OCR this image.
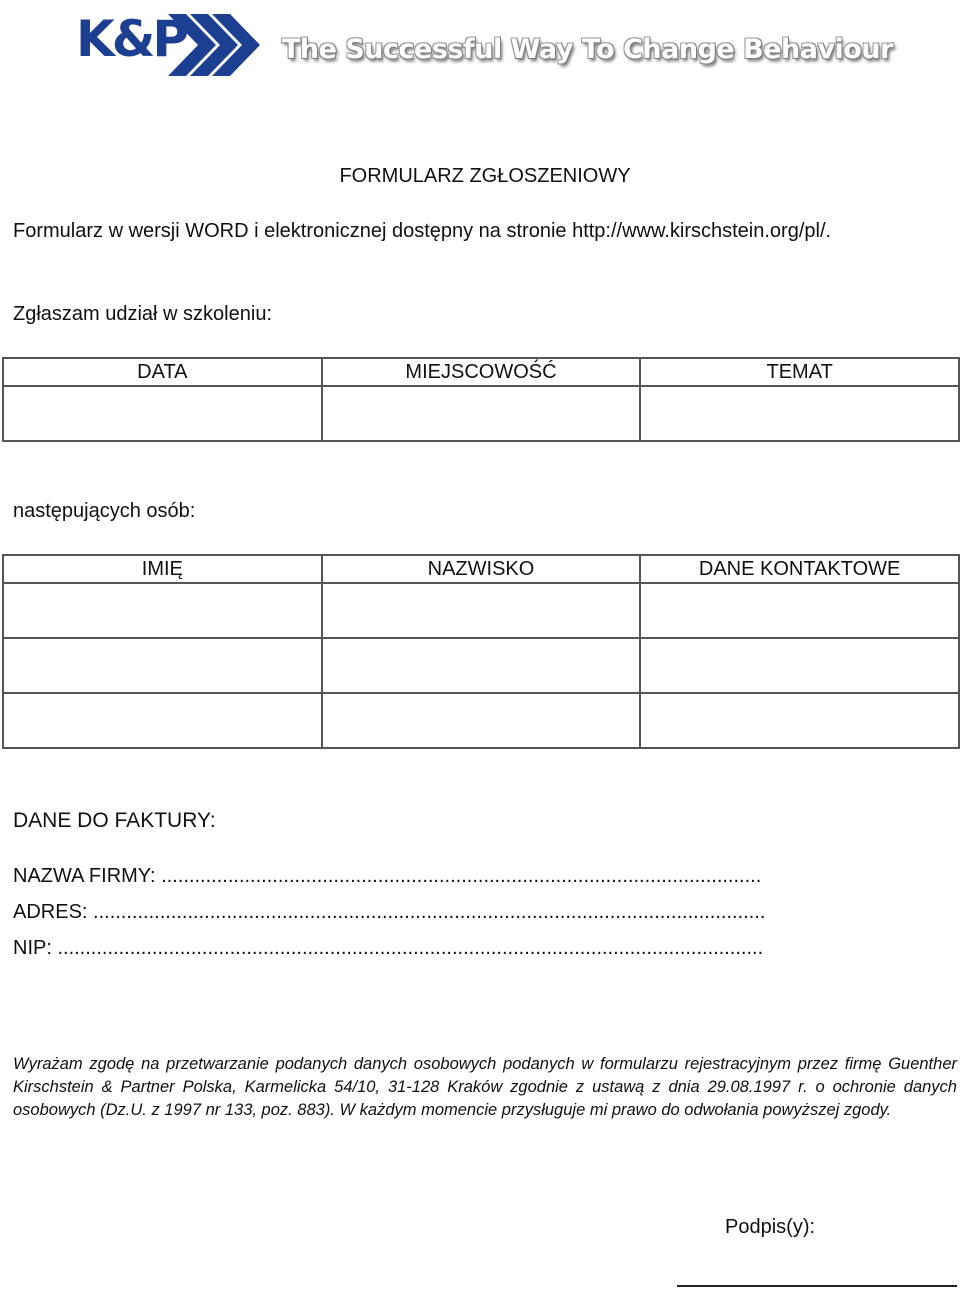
K&P	The Successful Way To Change Behaviour
FORMULARZ ZGŁOSZENIOWY
Formularz w wersji WORD i elektronicznej dostępny na stronie http://www.kirschstein.org/pl/.
Zgłaszam udział w szkoleniu:
DATA	MIEJSCOWOŚĆ	TEMAT

następujących osób:
IMIĘ	NAZWISKO	DANE KONTAKTOWE

DANE DO FAKTURY:
NAZWA FIRMY: ............................................................................................................
ADRES: .........................................................................................................................
NIP: ...............................................................................................................................
Wyrażam zgodę na przetwarzanie podanych danych osobowych podanych w formularzu rejestracyjnym przez firmę Guenther Kirschstein & Partner Polska, Karmelicka 54/10, 31-128 Kraków zgodnie z ustawą z dnia 29.08.1997 r. o ochronie danych osobowych (Dz.U. z 1997 nr 133, poz. 883). W każdym momencie przysługuje mi prawo do odwołania powyższej zgody.
Podpis(y):
